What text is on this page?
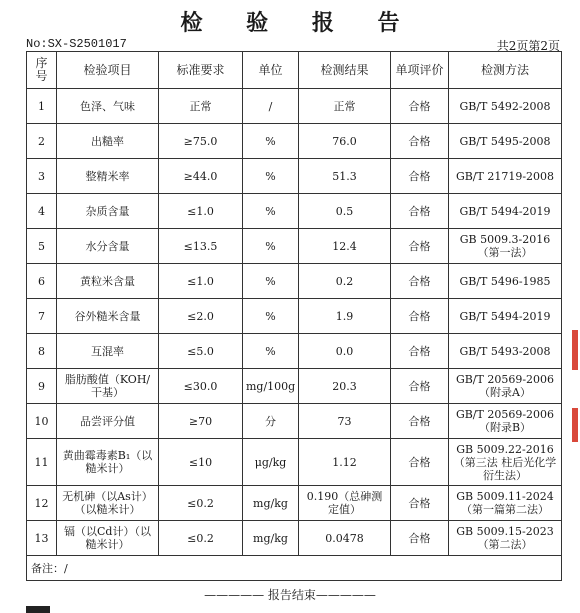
检 验 报 告
No:SX-S2501017	共2页第2页
序号	检验项目	标准要求	单位	检测结果	单项评价	检测方法
1	色泽、气味	正常	/	正常	合格	GB/T 5492-2008
2	出糙率	≥75.0	%	76.0	合格	GB/T 5495-2008
3	整精米率	≥44.0	%	51.3	合格	GB/T 21719-2008
4	杂质含量	≤1.0	%	0.5	合格	GB/T 5494-2019
5	水分含量	≤13.5	%	12.4	合格	GB 5009.3-2016
（第一法）
6	黄粒米含量	≤1.0	%	0.2	合格	GB/T 5496-1985
7	谷外糙米含量	≤2.0	%	1.9	合格	GB/T 5494-2019
8	互混率	≤5.0	%	0.0	合格	GB/T 5493-2008
9	脂肪酸值（KOH/干基）	≤30.0	mg/100g	20.3	合格	GB/T 20569-2006
（附录A）
10	品尝评分值	≥70	分	73	合格	GB/T 20569-2006
（附录B）
11	黄曲霉毒素B₁（以糙米计）	≤10	μg/kg	1.12	合格	GB 5009.22-2016
（第三法 柱后光化学衍生法）
12	无机砷（以As计）（以糙米计）	≤0.2	mg/kg	0.190（总砷测定值）	合格	GB 5009.11-2024
（第一篇第二法）
13	镉（以Cd计）（以糙米计）	≤0.2	mg/kg	0.0478	合格	GB 5009.15-2023
（第二法）
备注：/						
————— 报告结束—————
